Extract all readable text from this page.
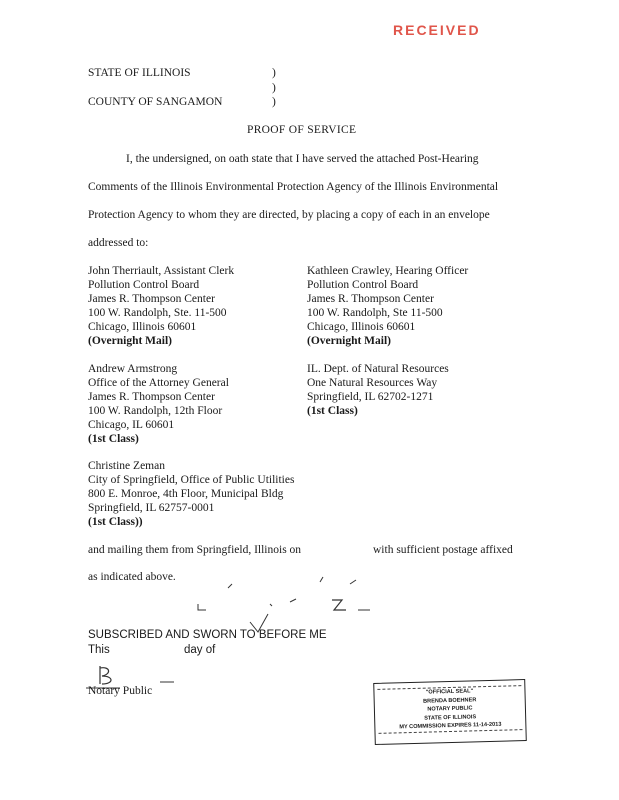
RECEIVED
STATE OF ILLINOIS	)
)
COUNTY OF SANGAMON	)
PROOF OF SERVICE
I, the undersigned, on oath state that I have served the attached Post-Hearing
Comments of the Illinois Environmental Protection Agency of the Illinois Environmental
Protection Agency to whom they are directed, by placing a copy of each in an envelope
addressed to:
John Therriault, Assistant Clerk
Pollution Control Board
James R. Thompson Center
100 W. Randolph, Ste. 11-500
Chicago, Illinois 60601
(Overnight Mail)
Kathleen Crawley, Hearing Officer
Pollution Control Board
James R. Thompson Center
100 W. Randolph, Ste 11-500
Chicago, Illinois 60601
(Overnight Mail)
Andrew Armstrong
Office of the Attorney General
James R. Thompson Center
100 W. Randolph, 12th Floor
Chicago, IL 60601
(1st Class)
IL. Dept. of Natural Resources
One Natural Resources Way
Springfield, IL 62702-1271
(1st Class)
Christine Zeman
City of Springfield, Office of Public Utilities
800 E. Monroe, 4th Floor, Municipal Bldg
Springfield, IL 62757-0001
(1st Class))
and mailing them from Springfield, Illinois on	with sufficient postage affixed
as indicated above.
SUBSCRIBED AND SWORN TO BEFORE ME
This	day of
Notary Public	"OFFICIAL SEAL"
BRENDA BOEHNER
NOTARY PUBLIC
STATE OF ILLINOIS
MY COMMISSION EXPIRES 11-14-2013
